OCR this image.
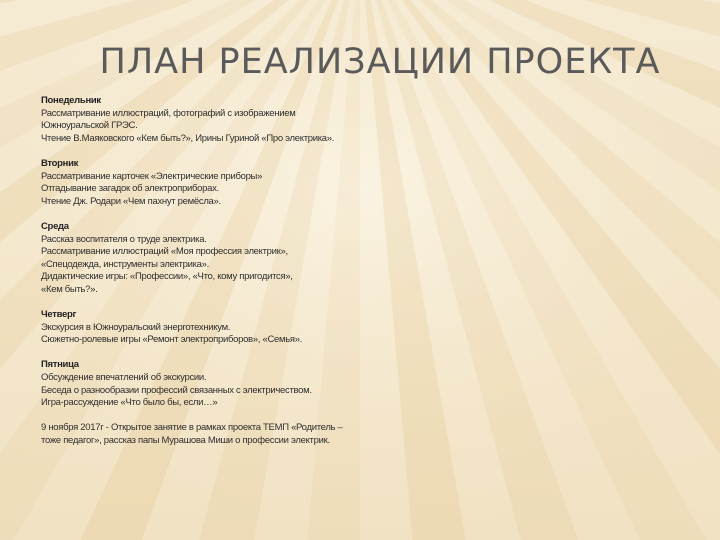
ПЛАН РЕАЛИЗАЦИИ ПРОЕКТА

Понедельник

Рассматривание иллюстраций, фотографий с изображением

Южноуральской ГРЭС.

Чтение В.Маяковского «Кем быть?», Ирины Гуриной «Про электрика».

Вторник

Рассматривание карточек «Электрические приборы»

Отгадывание загадок об электроприборах.

Чтение Дж. Родари «Чем пахнут ремёсла».

Среда

Рассказ воспитателя о труде электрика.

Рассматривание иллюстраций «Моя профессия электрик»,

«Спецодежда, инструменты электрика».

Дидактические игры: «Профессии», «Что, кому пригодится»,

«Кем быть?».

Четверг

Экскурсия в Южноуральский энерготехникум.

Сюжетно-ролевые игры «Ремонт электроприборов», «Семья».

Пятница

Обсуждение впечатлений об экскурсии.

Беседа о разнообразии профессий связанных с электричеством.

Игра-рассуждение «Что было бы, если…»

9 ноября 2017г - Открытое занятие в рамках проекта ТЕМП «Родитель –

тоже педагог», рассказ папы Мурашова Миши о профессии электрик.
